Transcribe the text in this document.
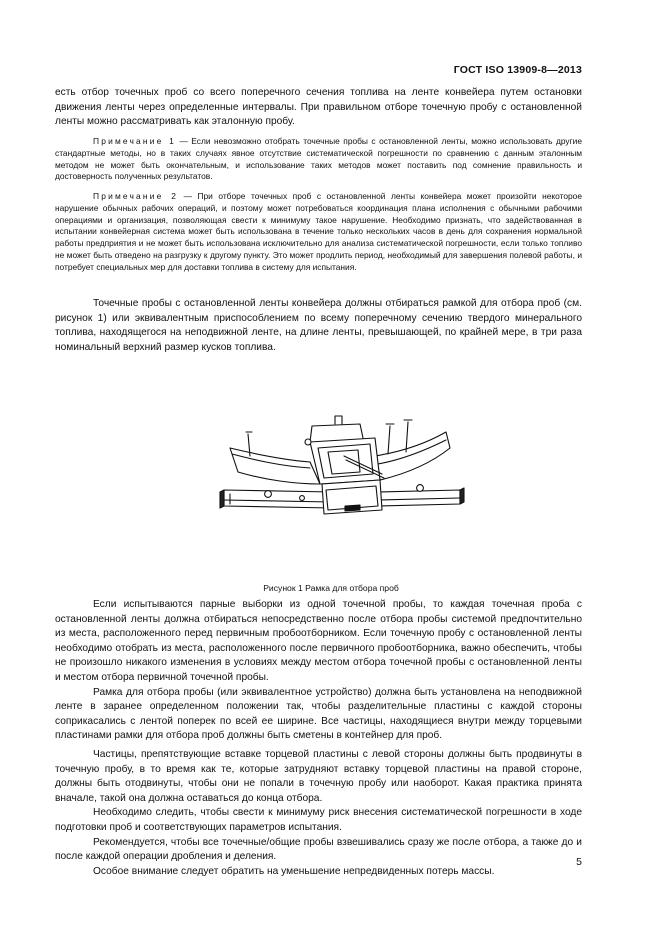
ГОСТ ISO 13909-8—2013

есть отбор точечных проб со всего поперечного сечения топлива на ленте конвейера путем остановки движения ленты через определенные интервалы. При правильном отборе точечную пробу с остановленной ленты можно рассматривать как эталонную пробу.

Примечание 1 — Если невозможно отобрать точечные пробы с остановленной ленты, можно использовать другие стандартные методы, но в таких случаях явное отсутствие систематической погрешности по сравнению с данным эталонным методом не может быть окончательным, и использование таких методов может поставить под сомнение правильность и достоверность полученных результатов.

Примечание 2 — При отборе точечных проб с остановленной ленты конвейера может произойти некоторое нарушение обычных рабочих операций, и поэтому может потребоваться координация плана исполнения с обычными рабочими операциями и организация, позволяющая свести к минимуму такое нарушение. Необходимо признать, что задействованная в испытании конвейерная система может быть использована в течение только нескольких часов в день для сохранения нормальной работы предприятия и не может быть использована исключительно для анализа систематической погрешности, если только топливо не может быть отведено на разгрузку к другому пункту. Это может продлить период, необходимый для завершения полевой работы, и потребует специальных мер для доставки топлива в систему для испытания.

Точечные пробы с остановленной ленты конвейера должны отбираться рамкой для отбора проб (см. рисунок 1) или эквивалентным приспособлением по всему поперечному сечению твердого минерального топлива, находящегося на неподвижной ленте, на длине ленты, превышающей, по крайней мере, в три раза номинальный верхний размер кусков топлива.

Рисунок 1 Рамка для отбора проб

Если испытываются парные выборки из одной точечной пробы, то каждая точечная проба с остановленной ленты должна отбираться непосредственно после отбора пробы системой предпочтительно из места, расположенного перед первичным пробоотборником. Если точечную пробу с остановленной ленты необходимо отобрать из места, расположенного после первичного пробоотборника, важно обеспечить, чтобы не произошло никакого изменения в условиях между местом отбора точечной пробы с остановленной ленты и местом отбора первичной точечной пробы.

Рамка для отбора пробы (или эквивалентное устройство) должна быть установлена на неподвижной ленте в заранее определенном положении так, чтобы разделительные пластины с каждой стороны соприкасались с лентой поперек по всей ее ширине. Все частицы, находящиеся внутри между торцевыми пластинами рамки для отбора проб должны быть сметены в контейнер для проб.

Частицы, препятствующие вставке торцевой пластины с левой стороны должны быть продвинуты в точечную пробу, в то время как те, которые затрудняют вставку торцевой пластины на правой стороне, должны быть отодвинуты, чтобы они не попали в точечную пробу или наоборот. Какая практика принята вначале, такой она должна оставаться до конца отбора.

Необходимо следить, чтобы свести к минимуму риск внесения систематической погрешности в ходе подготовки проб и соответствующих параметров испытания.

Рекомендуется, чтобы все точечные/общие пробы взвешивались сразу же после отбора, а также до и после каждой операции дробления и деления.

Особое внимание следует обратить на уменьшение непредвиденных потерь массы.

5
